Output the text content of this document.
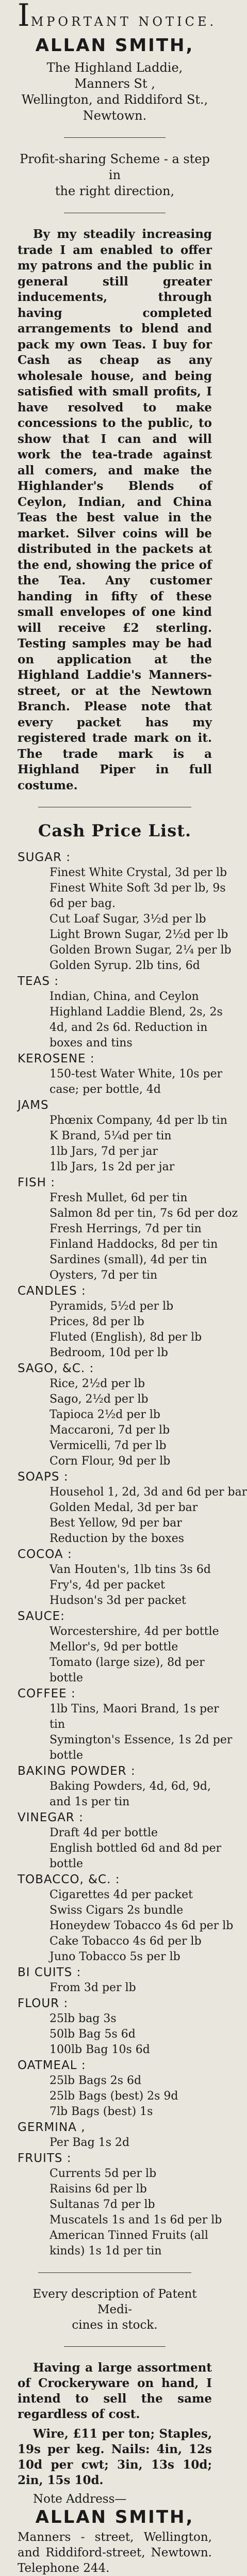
IMPORTANT NOTICE.
ALLAN SMITH,
The Highland Laddie, Manners St ,
Wellington, and Riddiford St.,
Newtown.
Profit-sharing Scheme - a step in
the right direction,

By my steadily increasing trade I am enabled to offer my patrons and the public in general still greater inducements, through having completed arrangements to blend and pack my own Teas. I buy for Cash as cheap as any wholesale house, and being satisfied with small profits, I have resolved to make concessions to the public, to show that I can and will work the tea-trade against all comers, and make the Highlander's Blends of Ceylon, Indian, and China Teas the best value in the market. Silver coins will be distributed in the packets at the end, showing the price of the Tea. Any customer handing in fifty of these small envelopes of one kind will receive £2 sterling. Testing samples may be had on application at the Highland Laddie's Manners-street, or at the Newtown Branch. Please note that every packet has my registered trade mark on it. The trade mark is a Highland Piper in full costume.

Cash Price List.
SUGAR :
Finest White Crystal, 3d per lb
Finest White Soft 3d per lb, 9s
6d per bag.
Cut Loaf Sugar, 3½d per lb
Light Brown Sugar, 2½d per lb
Golden Brown Sugar, 2¼ per lb
Golden Syrup. 2lb tins, 6d
TEAS :
Indian, China, and Ceylon
Highland Laddie Blend, 2s, 2s
4d, and 2s 6d. Reduction in
boxes and tins
KEROSENE :
150-test Water White, 10s per
case; per bottle, 4d
JAMS
Phœnix Company, 4d per lb tin
K Brand, 5¼d per tin
1lb Jars, 7d per jar
1lb Jars, 1s 2d per jar
FISH :
Fresh Mullet, 6d per tin
Salmon 8d per tin, 7s 6d per doz
Fresh Herrings, 7d per tin
Finland Haddocks, 8d per tin
Sardines (small), 4d per tin
Oysters, 7d per tin
CANDLES :
Pyramids, 5½d per lb
Prices, 8d per lb
Fluted (English), 8d per lb
Bedroom, 10d per lb
SAGO, &C. :
Rice, 2½d per lb
Sago, 2½d per lb
Tapioca 2½d per lb
Maccaroni, 7d per lb
Vermicelli, 7d per lb
Corn Flour, 9d per lb
SOAPS :
Househol 1, 2d, 3d and 6d per bar
Golden Medal, 3d per bar
Best Yellow, 9d per bar
Reduction by the boxes
COCOA :
Van Houten's, 1lb tins 3s 6d
Fry's, 4d per packet
Hudson's 3d per packet
SAUCE:
Worcestershire, 4d per bottle
Mellor's, 9d per bottle
Tomato (large size), 8d per
bottle
COFFEE :
1lb Tins, Maori Brand, 1s per
tin
Symington's Essence, 1s 2d per
bottle
BAKING POWDER :
Baking Powders, 4d, 6d, 9d,
and 1s per tin
VINEGAR :
Draft 4d per bottle
English bottled 6d and 8d per
bottle
TOBACCO, &C. :
Cigarettes 4d per packet
Swiss Cigars 2s bundle
Honeydew Tobacco 4s 6d per lb
Cake Tobacco 4s 6d per lb
Juno Tobacco 5s per lb
BI CUITS :
From 3d per lb
FLOUR :
25lb bag 3s
50lb Bag 5s 6d
100lb Bag 10s 6d
OATMEAL :
25lb Bags 2s 6d
25lb Bags (best) 2s 9d
7lb Bags (best) 1s
GERMINA ,
Per Bag 1s 2d
FRUITS :
Currents 5d per lb
Raisins 6d per lb
Sultanas 7d per lb
Muscatels 1s and 1s 6d per lb
American Tinned Fruits (all
kinds) 1s 1d per tin
Every description of Patent Medi-
cines in stock.

Having a large assortment of Crockeryware on hand, I intend to sell the same regardless of cost.

Wire, £11 per ton; Staples, 19s per keg. Nails: 4in, 12s 10d per cwt; 3in, 13s 10d; 2in, 15s 10d.

Note Address—
ALLAN SMITH,
Manners - street, Wellington, and Riddiford-street, Newtown. Telephone 244.
